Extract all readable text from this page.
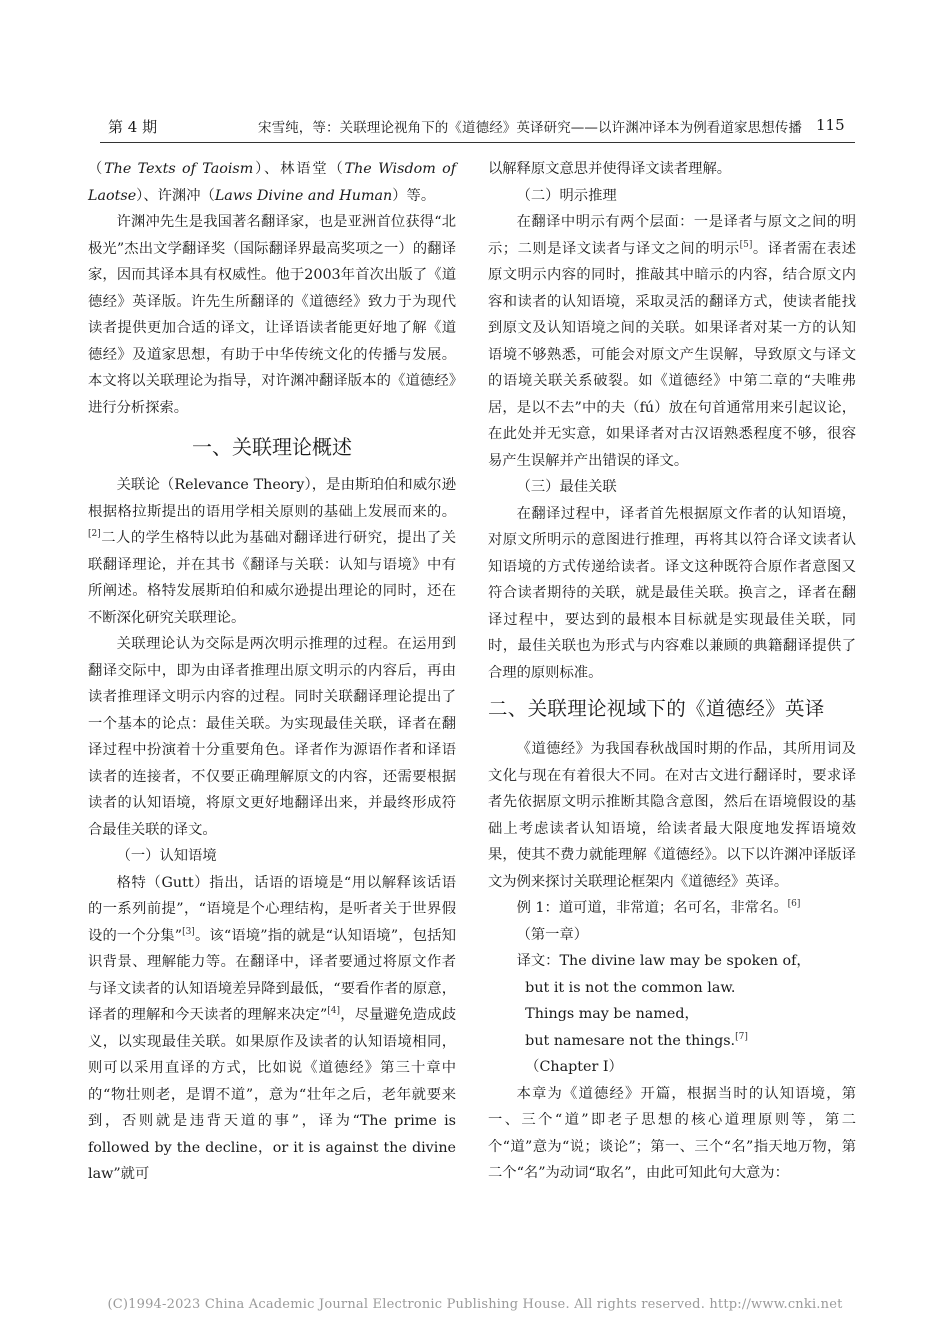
第 4 期	宋雪纯，等：关联理论视角下的《道德经》英译研究——以许渊冲译本为例看道家思想传播 115

（The Texts of Taoism）、林语堂（The Wisdom of Laotse）、许渊冲（Laws Divine and Human）等。

许渊冲先生是我国著名翻译家，也是亚洲首位获得“北极光”杰出文学翻译奖（国际翻译界最高奖项之一）的翻译家，因而其译本具有权威性。他于2003年首次出版了《道德经》英译版。许先生所翻译的《道德经》致力于为现代读者提供更加合适的译文，让译语读者能更好地了解《道德经》及道家思想，有助于中华传统文化的传播与发展。本文将以关联理论为指导，对许渊冲翻译版本的《道德经》进行分析探索。

一、关联理论概述

关联论（Relevance Theory），是由斯珀伯和威尔逊根据格拉斯提出的语用学相关原则的基础上发展而来的。[2]二人的学生格特以此为基础对翻译进行研究，提出了关联翻译理论，并在其书《翻译与关联：认知与语境》中有所阐述。格特发展斯珀伯和威尔逊提出理论的同时，还在不断深化研究关联理论。

关联理论认为交际是两次明示推理的过程。在运用到翻译交际中，即为由译者推理出原文明示的内容后，再由读者推理译文明示内容的过程。同时关联翻译理论提出了一个基本的论点：最佳关联。为实现最佳关联，译者在翻译过程中扮演着十分重要角色。译者作为源语作者和译语读者的连接者，不仅要正确理解原文的内容，还需要根据读者的认知语境，将原文更好地翻译出来，并最终形成符合最佳关联的译文。

（一）认知语境

格特（Gutt）指出，话语的语境是“用以解释该话语的一系列前提”，“语境是个心理结构，是听者关于世界假设的一个分集”[3]。该“语境”指的就是“认知语境”，包括知识背景、理解能力等。在翻译中，译者要通过将原文作者与译文读者的认知语境差异降到最低，“要看作者的原意，译者的理解和今天读者的理解来决定”[4]，尽量避免造成歧义，以实现最佳关联。如果原作及读者的认知语境相同，则可以采用直译的方式，比如说《道德经》第三十章中的“物壮则老，是谓不道”，意为“壮年之后，老年就要来到，否则就是违背天道的事”，译为“The prime is followed by the decline，or it is against the divine law”就可

以解释原文意思并使得译文读者理解。

（二）明示推理

在翻译中明示有两个层面：一是译者与原文之间的明示；二则是译文读者与译文之间的明示[5]。译者需在表述原文明示内容的同时，推敲其中暗示的内容，结合原文内容和读者的认知语境，采取灵活的翻译方式，使读者能找到原文及认知语境之间的关联。如果译者对某一方的认知语境不够熟悉，可能会对原文产生误解，导致原文与译文的语境关联关系破裂。如《道德经》中第二章的“夫唯弗居，是以不去”中的夫（fú）放在句首通常用来引起议论，在此处并无实意，如果译者对古汉语熟悉程度不够，很容易产生误解并产出错误的译文。

（三）最佳关联

在翻译过程中，译者首先根据原文作者的认知语境，对原文所明示的意图进行推理，再将其以符合译文读者认知语境的方式传递给读者。译文这种既符合原作者意图又符合读者期待的关联，就是最佳关联。换言之，译者在翻译过程中，要达到的最根本目标就是实现最佳关联，同时，最佳关联也为形式与内容难以兼顾的典籍翻译提供了合理的原则标准。

二、关联理论视域下的《道德经》英译

《道德经》为我国春秋战国时期的作品，其所用词及文化与现在有着很大不同。在对古文进行翻译时，要求译者先依据原文明示推断其隐含意图，然后在语境假设的基础上考虑读者认知语境，给读者最大限度地发挥语境效果，使其不费力就能理解《道德经》。以下以许渊冲译版译文为例来探讨关联理论框架内《道德经》英译。

例 1：道可道，非常道；名可名，非常名。[6]

（第一章）

译文：The divine law may be spoken of，

but it is not the common law.

Things may be named，

but namesare not the things.[7]

（Chapter Ⅰ）

本章为《道德经》开篇，根据当时的认知语境，第一、三个“道”即老子思想的核心道理原则等，第二个“道”意为“说；谈论”；第一、三个“名”指天地万物，第二个“名”为动词“取名”，由此可知此句大意为：

(C)1994-2023 China Academic Journal Electronic Publishing House. All rights reserved. http://www.cnki.net
